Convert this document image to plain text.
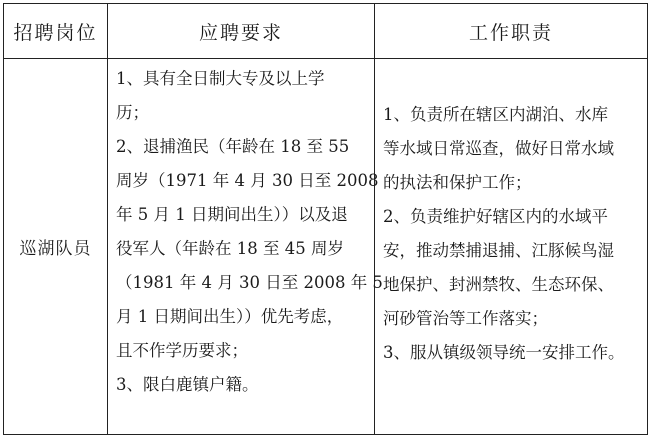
招聘岗位	应聘要求	工作职责
巡湖队员
1、具有全日制大专及以上学
历；
2、退捕渔民（年龄在 18 至 55
周岁（1971 年 4 月 30 日至 2008
年 5 月 1 日期间出生））以及退
役军人（年龄在 18 至 45 周岁
（1981 年 4 月 30 日至 2008 年 5
月 1 日期间出生））优先考虑，
且不作学历要求；
3、限白鹿镇户籍。
1、负责所在辖区内湖泊、水库
等水域日常巡查，做好日常水域
的执法和保护工作；
2、负责维护好辖区内的水域平
安，推动禁捕退捕、江豚候鸟湿
地保护、封洲禁牧、生态环保、
河砂管治等工作落实；
3、服从镇级领导统一安排工作。
